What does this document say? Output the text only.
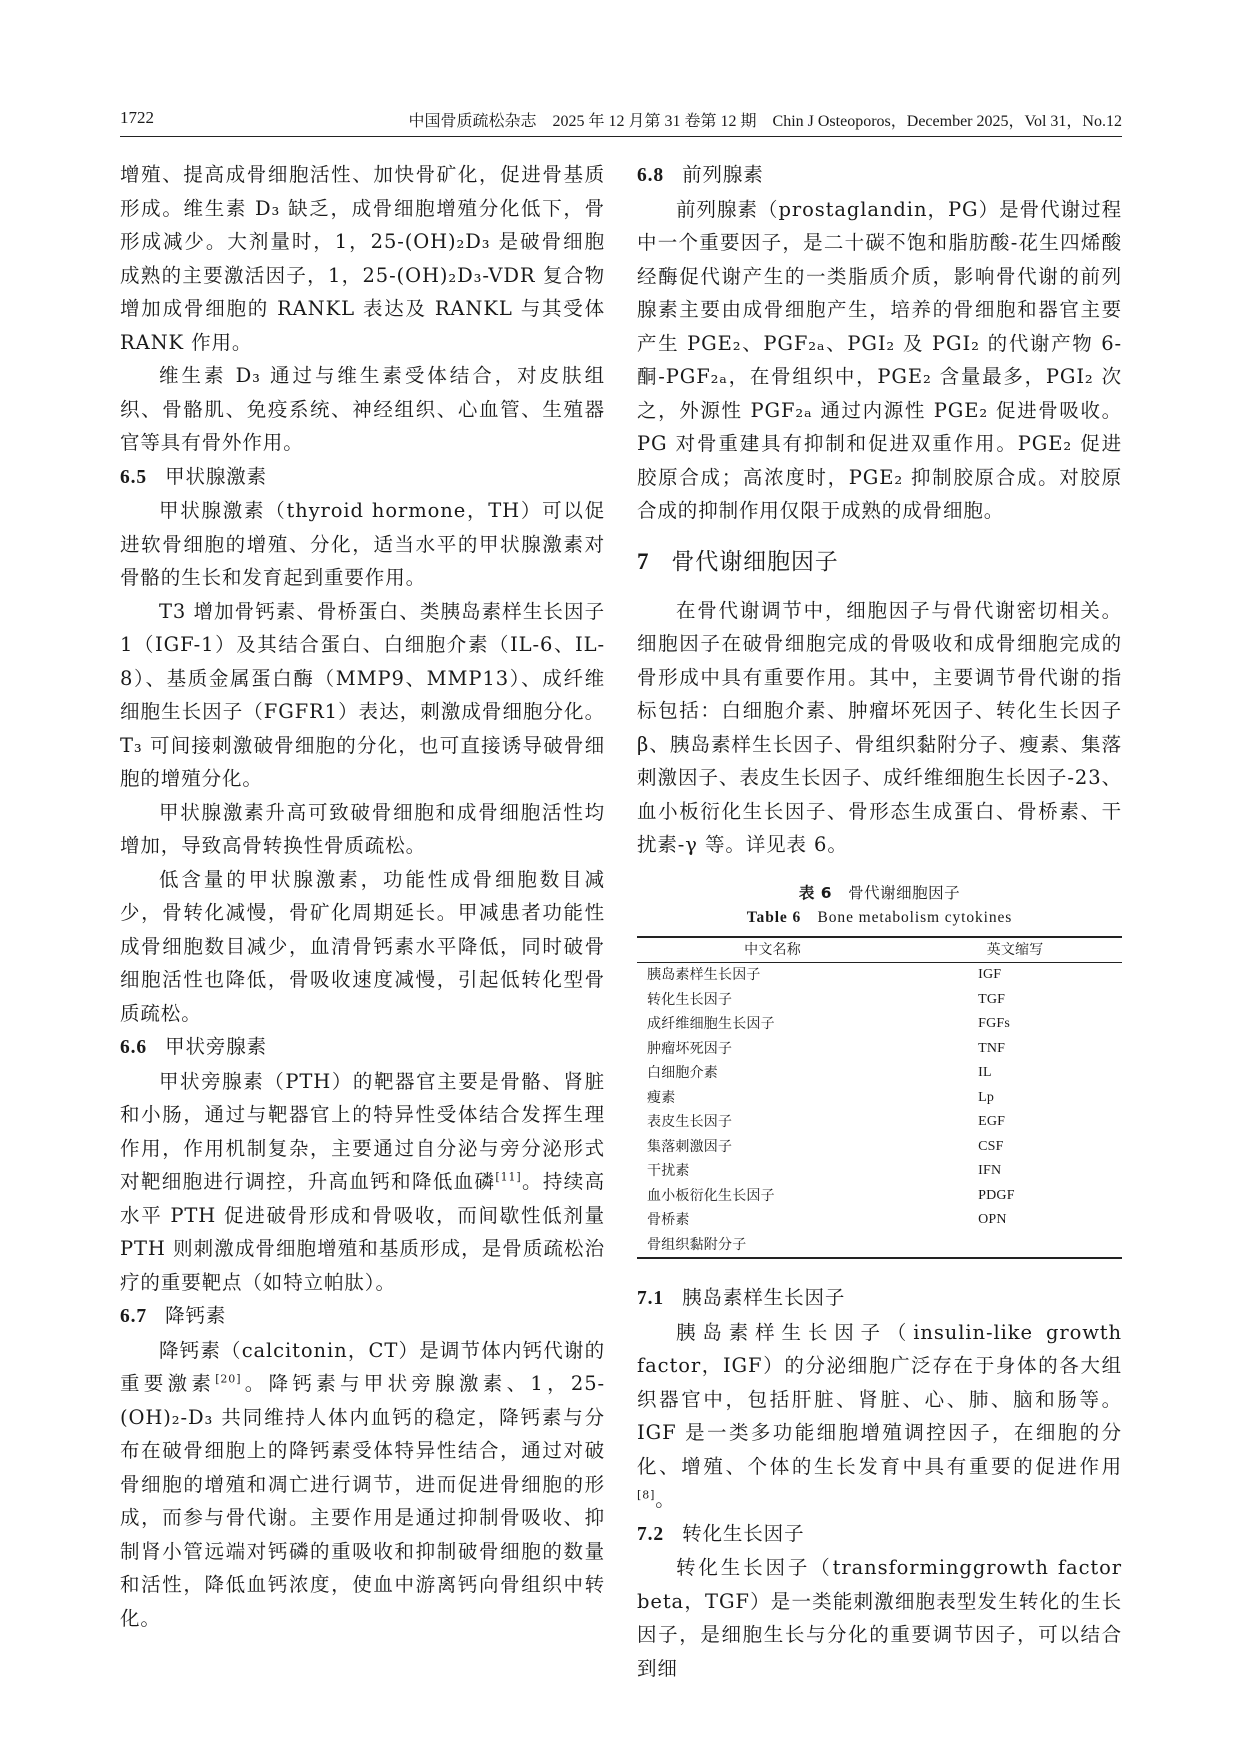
1722	中国骨质疏松杂志　2025 年 12 月第 31 卷第 12 期　Chin J Osteoporos，December 2025，Vol 31，No.12

增殖、提高成骨细胞活性、加快骨矿化，促进骨基质形成。维生素 D₃ 缺乏，成骨细胞增殖分化低下，骨形成减少。大剂量时，1，25-(OH)₂D₃ 是破骨细胞成熟的主要激活因子，1，25-(OH)₂D₃-VDR 复合物增加成骨细胞的 RANKL 表达及 RANKL 与其受体 RANK 作用。

维生素 D₃ 通过与维生素受体结合，对皮肤组织、骨骼肌、免疫系统、神经组织、心血管、生殖器官等具有骨外作用。

6.5 甲状腺激素

甲状腺激素（thyroid hormone，TH）可以促进软骨细胞的增殖、分化，适当水平的甲状腺激素对骨骼的生长和发育起到重要作用。

T3 增加骨钙素、骨桥蛋白、类胰岛素样生长因子 1（IGF-1）及其结合蛋白、白细胞介素（IL-6、IL-8）、基质金属蛋白酶（MMP9、MMP13）、成纤维细胞生长因子（FGFR1）表达，刺激成骨细胞分化。T₃ 可间接刺激破骨细胞的分化，也可直接诱导破骨细胞的增殖分化。

甲状腺激素升高可致破骨细胞和成骨细胞活性均增加，导致高骨转换性骨质疏松。

低含量的甲状腺激素，功能性成骨细胞数目减少，骨转化减慢，骨矿化周期延长。甲减患者功能性成骨细胞数目减少，血清骨钙素水平降低，同时破骨细胞活性也降低，骨吸收速度减慢，引起低转化型骨质疏松。

6.6 甲状旁腺素

甲状旁腺素（PTH）的靶器官主要是骨骼、肾脏和小肠，通过与靶器官上的特异性受体结合发挥生理作用，作用机制复杂，主要通过自分泌与旁分泌形式对靶细胞进行调控，升高血钙和降低血磷[11]。持续高水平 PTH 促进破骨形成和骨吸收，而间歇性低剂量 PTH 则刺激成骨细胞增殖和基质形成，是骨质疏松治疗的重要靶点（如特立帕肽）。

6.7 降钙素

降钙素（calcitonin，CT）是调节体内钙代谢的重要激素[20]。降钙素与甲状旁腺激素、1，25-(OH)₂-D₃ 共同维持人体内血钙的稳定，降钙素与分布在破骨细胞上的降钙素受体特异性结合，通过对破骨细胞的增殖和凋亡进行调节，进而促进骨细胞的形成，而参与骨代谢。主要作用是通过抑制骨吸收、抑制肾小管远端对钙磷的重吸收和抑制破骨细胞的数量和活性，降低血钙浓度，使血中游离钙向骨组织中转化。

6.8 前列腺素

前列腺素（prostaglandin，PG）是骨代谢过程中一个重要因子，是二十碳不饱和脂肪酸-花生四烯酸经酶促代谢产生的一类脂质介质，影响骨代谢的前列腺素主要由成骨细胞产生，培养的骨细胞和器官主要产生 PGE₂、PGF₂ₐ、PGI₂ 及 PGI₂ 的代谢产物 6-酮-PGF₂ₐ，在骨组织中，PGE₂ 含量最多，PGI₂ 次之，外源性 PGF₂ₐ 通过内源性 PGE₂ 促进骨吸收。PG 对骨重建具有抑制和促进双重作用。PGE₂ 促进胶原合成；高浓度时，PGE₂ 抑制胶原合成。对胶原合成的抑制作用仅限于成熟的成骨细胞。

7 骨代谢细胞因子

在骨代谢调节中，细胞因子与骨代谢密切相关。细胞因子在破骨细胞完成的骨吸收和成骨细胞完成的骨形成中具有重要作用。其中，主要调节骨代谢的指标包括：白细胞介素、肿瘤坏死因子、转化生长因子 β、胰岛素样生长因子、骨组织黏附分子、瘦素、集落刺激因子、表皮生长因子、成纤维细胞生长因子-23、血小板衍化生长因子、骨形态生成蛋白、骨桥素、干扰素-γ 等。详见表 6。

表 6　 骨代谢细胞因子
Table 6　 Bone metabolism cytokines
中文名称	英文缩写
胰岛素样生长因子	IGF
转化生长因子	TGF
成纤维细胞生长因子	FGFs
肿瘤坏死因子	TNF
白细胞介素	IL
瘦素	Lp
表皮生长因子	EGF
集落刺激因子	CSF
干扰素	IFN
血小板衍化生长因子	PDGF
骨桥素	OPN
骨组织黏附分子	
7.1 胰岛素样生长因子

胰岛素样生长因子（insulin-like growth factor，IGF）的分泌细胞广泛存在于身体的各大组织器官中，包括肝脏、肾脏、心、肺、脑和肠等。IGF 是一类多功能细胞增殖调控因子，在细胞的分化、增殖、个体的生长发育中具有重要的促进作用[8]。

7.2 转化生长因子

转化生长因子（transforminggrowth factor beta，TGF）是一类能刺激细胞表型发生转化的生长因子，是细胞生长与分化的重要调节因子，可以结合到细
